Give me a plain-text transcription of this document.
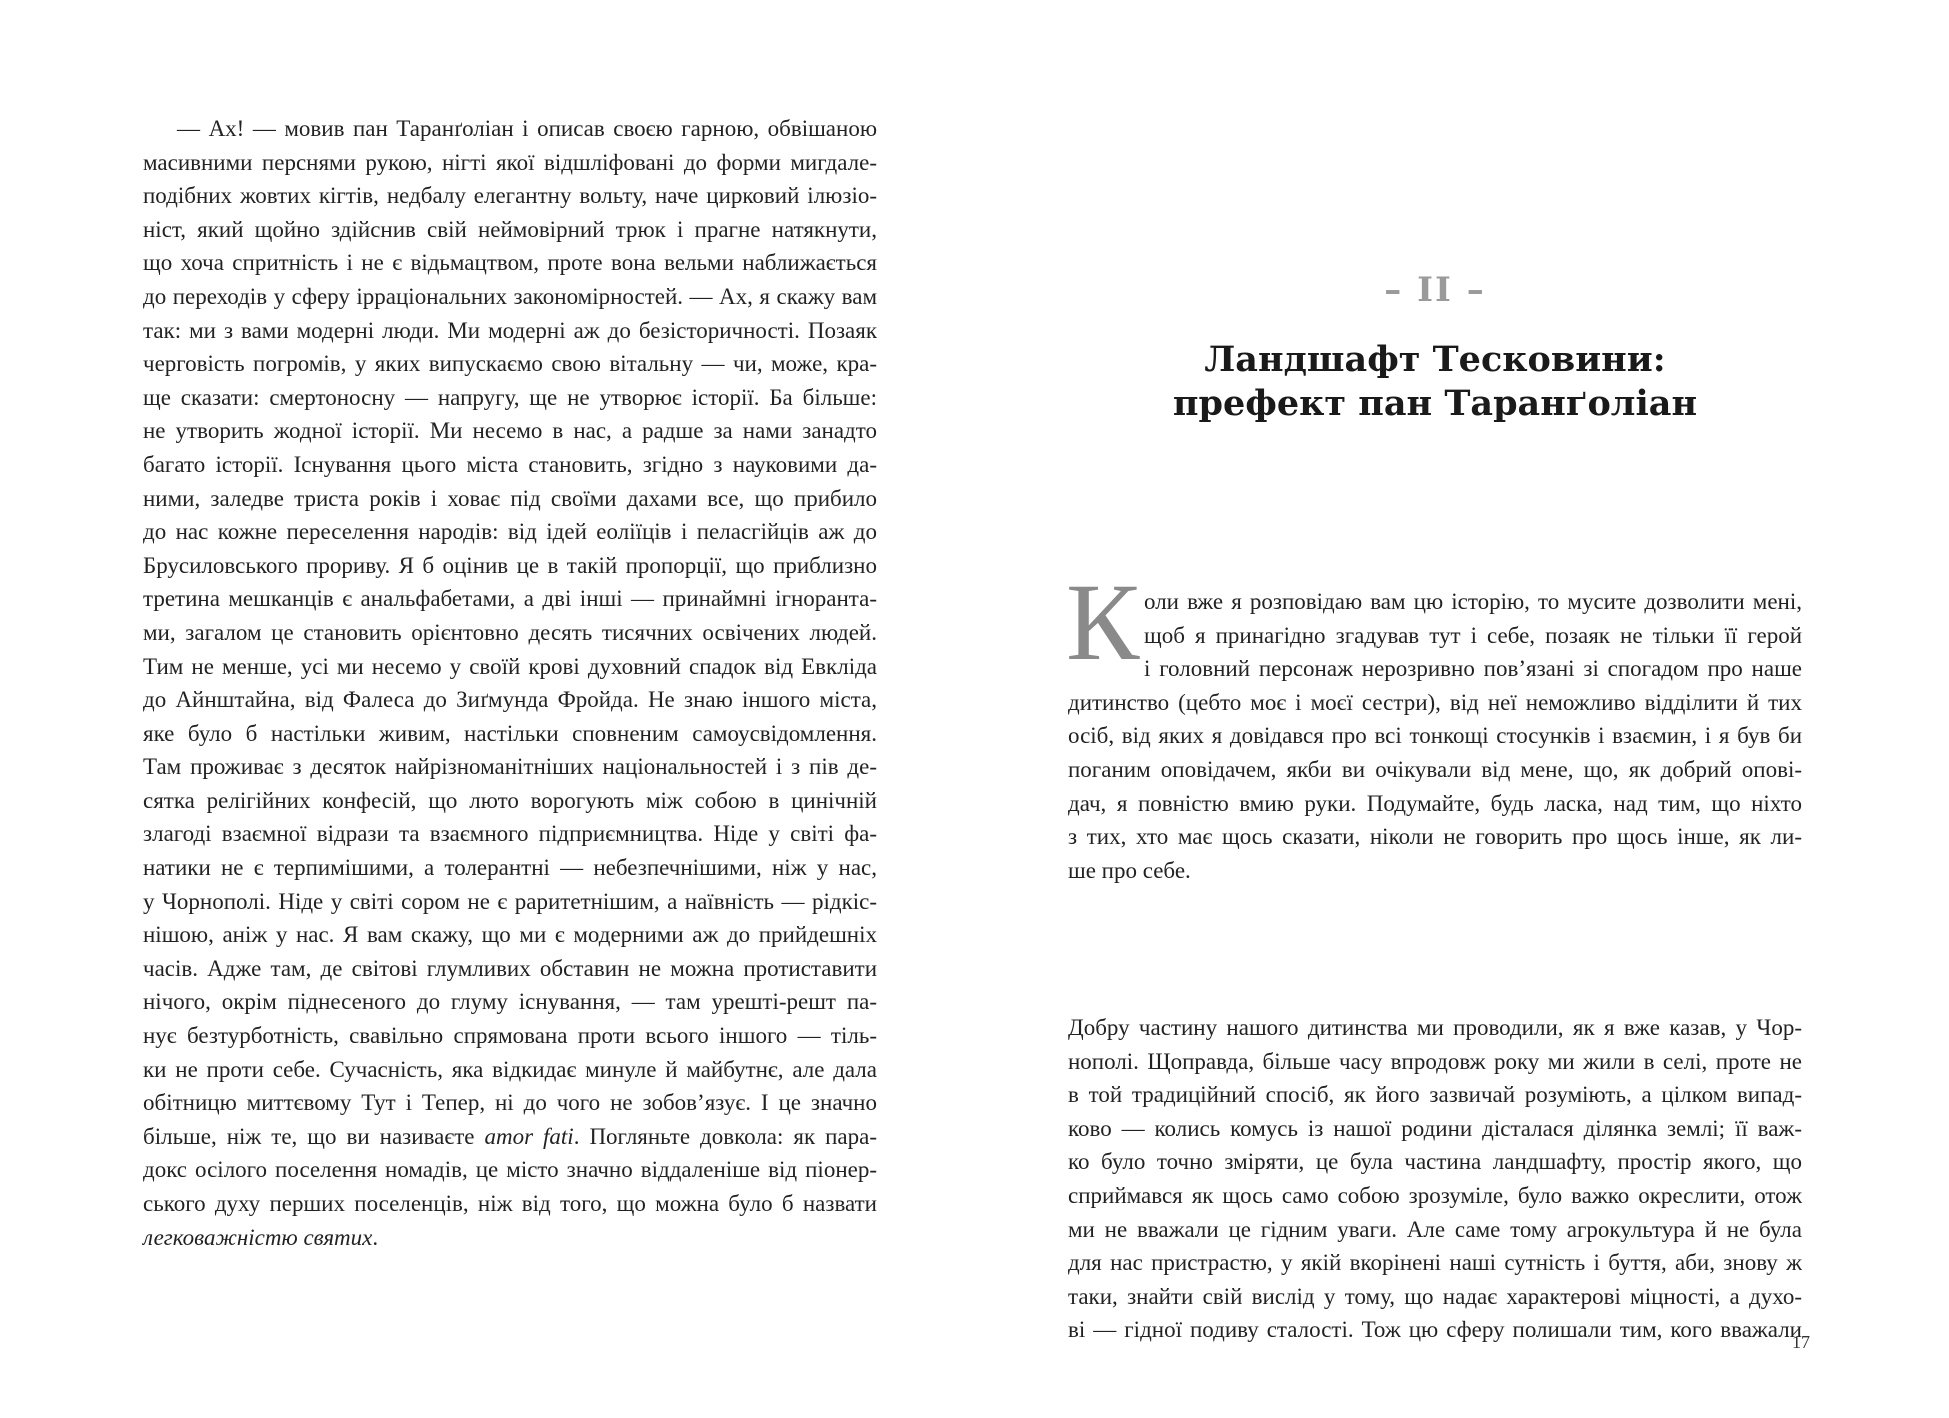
— Ах! — мовив пан Таранґоліан і описав своєю гарною, обвішаною
масивними перснями рукою, нігті якої відшліфовані до форми мигдале-
подібних жовтих кігтів, недбалу елегантну вольту, наче цирковий ілюзіо-
ніст, який щойно здійснив свій неймовірний трюк і прагне натякнути,
що хоча спритність і не є відьмацтвом, проте вона вельми наближається
до переходів у сферу ірраціональних закономірностей. — Ах, я скажу вам
так: ми з вами модерні люди. Ми модерні аж до безісторичності. Позаяк
черговість погромів, у яких випускаємо свою вітальну — чи, може, кра-
ще сказати: смертоносну — напругу, ще не утворює історії. Ба більше:
не утворить жодної історії. Ми несемо в нас, а радше за нами занадто
багато історії. Існування цього міста становить, згідно з науковими да-
ними, заледве триста років і ховає під своїми дахами все, що прибило
до нас кожне переселення народів: від ідей еоліїців і пеласгійців аж до
Брусиловського прориву. Я б оцінив це в такій пропорції, що приблизно
третина мешканців є анальфабетами, а дві інші — принаймні ігноранта-
ми, загалом це становить орієнтовно десять тисячних освічених людей.
Тим не менше, усі ми несемо у своїй крові духовний спадок від Евкліда
до Айнштайна, від Фалеса до Зиґмунда Фройда. Не знаю іншого міста,
яке було б настільки живим, настільки сповненим самоусвідомлення.
Там проживає з десяток найрізноманітніших національностей і з пів де-
сятка релігійних конфесій, що люто ворогують між собою в цинічній
злагоді взаємної відрази та взаємного підприємництва. Ніде у світі фа-
натики не є терпимішими, а толерантні — небезпечнішими, ніж у нас,
у Чорнополі. Ніде у світі сором не є раритетнішим, а наївність — рідкіс-
нішою, аніж у нас. Я вам скажу, що ми є модерними аж до прийдешніх
часів. Адже там, де світові глумливих обставин не можна протиставити
нічого, окрім піднесеного до глуму існування, — там урешті-решт па-
нує безтурботність, свавільно спрямована проти всього іншого — тіль-
ки не проти себе. Сучасність, яка відкидає минуле й майбутнє, але дала
обітницю миттєвому Тут і Тепер, ні до чого не зобов’язує. І це значно
більше, ніж те, що ви називаєте amor fati. Погляньте довкола: як пара-
докс осілого поселення номадів, це місто значно віддаленіше від піонер-
ського духу перших поселенців, ніж від того, що можна було б назвати
легковажністю святих.
– II –
Ландшафт Тесковини:
префект пан Таранґоліан
К оли вже я розповідаю вам цю історію, то мусите дозволити мені,
щоб я принагідно згадував тут і себе, позаяк не тільки її герой
і головний персонаж нерозривно пов’язані зі спогадом про наше
дитинство (цебто моє і моєї сестри), від неї неможливо відділити й тих
осіб, від яких я довідався про всі тонкощі стосунків і взаємин, і я був би
поганим оповідачем, якби ви очікували від мене, що, як добрий опові-
дач, я повністю вмию руки. Подумайте, будь ласка, над тим, що ніхто
з тих, хто має щось сказати, ніколи не говорить про щось інше, як ли-
ше про себе.
Добру частину нашого дитинства ми проводили, як я вже казав, у Чор-
нополі. Щоправда, більше часу впродовж року ми жили в селі, проте не
в той традиційний спосіб, як його зазвичай розуміють, а цілком випад-
ково — колись комусь із нашої родини дісталася ділянка землі; її важ-
ко було точно зміряти, це була частина ландшафту, простір якого, що
сприймався як щось само собою зрозуміле, було важко окреслити, отож
ми не вважали це гідним уваги. Але саме тому агрокультура й не була
для нас пристрастю, у якій вкорінені наші сутність і буття, аби, знову ж
таки, знайти свій вислід у тому, що надає характерові міцності, а духо-
ві — гідної подиву сталості. Тож цю сферу полишали тим, кого вважали
17
